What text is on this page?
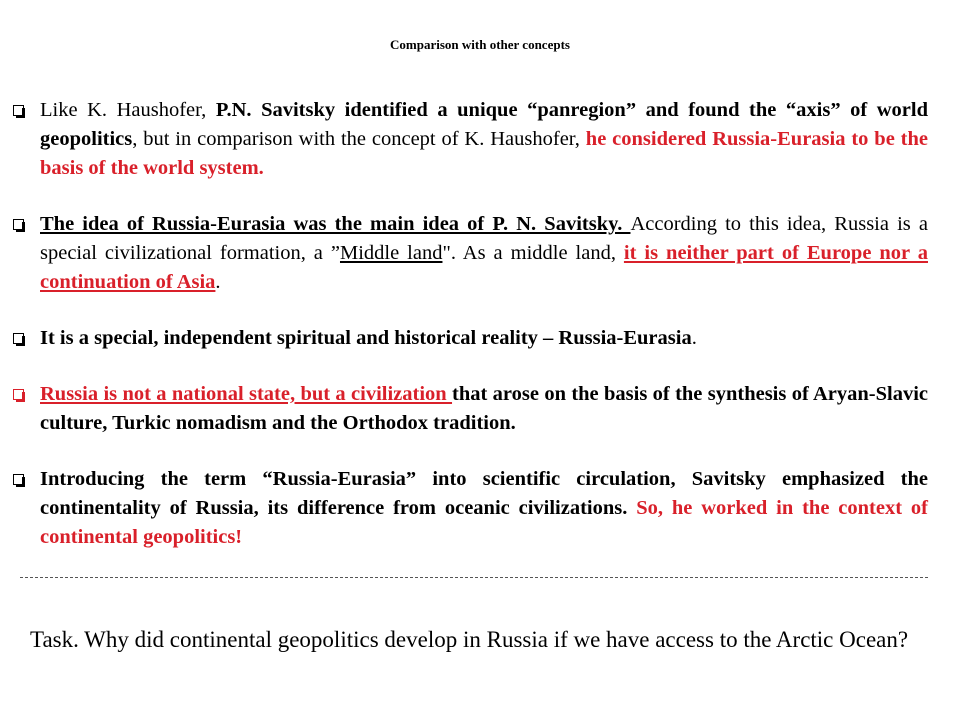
Comparison with other concepts
Like K. Haushofer, P.N. Savitsky identified a unique “panregion” and found the “axis” of world geopolitics, but in comparison with the concept of K. Haushofer, he considered Russia-Eurasia to be the basis of the world system.
The idea of Russia-Eurasia was the main idea of P. N. Savitsky. According to this idea, Russia is a special civilizational formation, a ”Middle land". As a middle land, it is neither part of Europe nor a continuation of Asia.
It is a special, independent spiritual and historical reality – Russia-Eurasia.
Russia is not a national state, but a civilization that arose on the basis of the synthesis of Aryan-Slavic culture, Turkic nomadism and the Orthodox tradition.
Introducing the term “Russia-Eurasia” into scientific circulation, Savitsky emphasized the continentality of Russia, its difference from oceanic civilizations. So, he worked in the context of continental geopolitics!
Task. Why did continental geopolitics develop in Russia if we have access to the Arctic Ocean?
